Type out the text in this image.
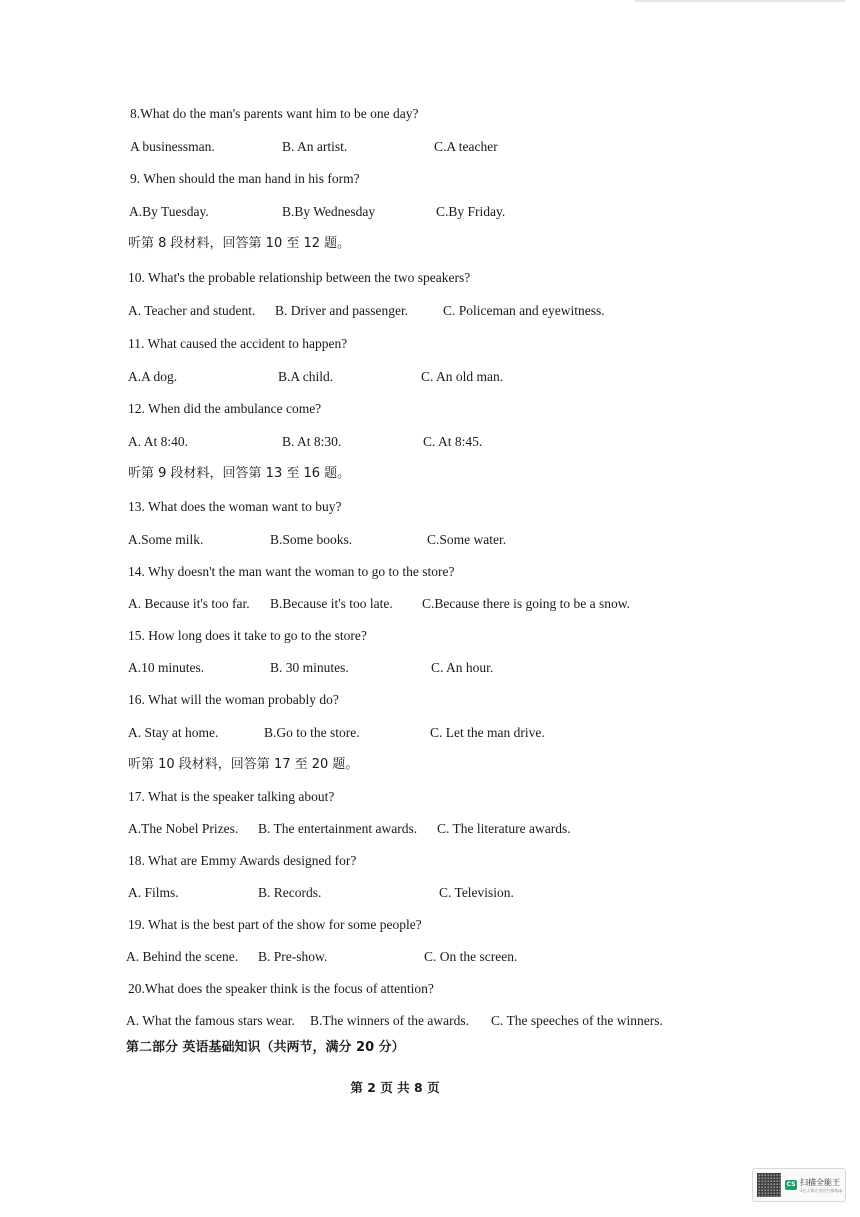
8.What do the man's parents want him to be one day?
A businessman.	B. An artist.	C.A teacher
9. When should the man hand in his form?
A.By Tuesday.	B.By Wednesday	C.By Friday.
听第 8 段材料，回答第 10 至 12 题。
10. What's the probable relationship between the two speakers?
A. Teacher and student. B. Driver and passenger.	C. Policeman and eyewitness.
11. What caused the accident to happen?
A.A dog.	B.A child.	C. An old man.
12. When did the ambulance come?
A. At 8:40.	B. At 8:30.	C. At 8:45.
听第 9 段材料，回答第 13 至 16 题。
13. What does the woman want to buy?
A.Some milk.	B.Some books.	C.Some water.
14. Why doesn't the man want the woman to go to the store?
A. Because it's too far. B.Because it's too late. C.Because there is going to be a snow.
15. How long does it take to go to the store?
A.10 minutes.	B. 30 minutes.	C. An hour.
16. What will the woman probably do?
A. Stay at home.	B.Go to the store.	C. Let the man drive.
听第 10 段材料，回答第 17 至 20 题。
17. What is the speaker talking about?
A.The Nobel Prizes. B. The entertainment awards. C. The literature awards.
18. What are Emmy Awards designed for?
A. Films.	B. Records.	C. Television.
19. What is the best part of the show for some people?
A. Behind the scene. B. Pre-show.	C. On the screen.
20.What does the speaker think is the focus of attention?
A. What the famous stars wear. B.The winners of the awards. C. The speeches of the winners.
第二部分 英语基础知识（共两节，满分 20 分）
第 2 页 共 8 页
CS 扫描全能王
3亿人都在用的扫描App
